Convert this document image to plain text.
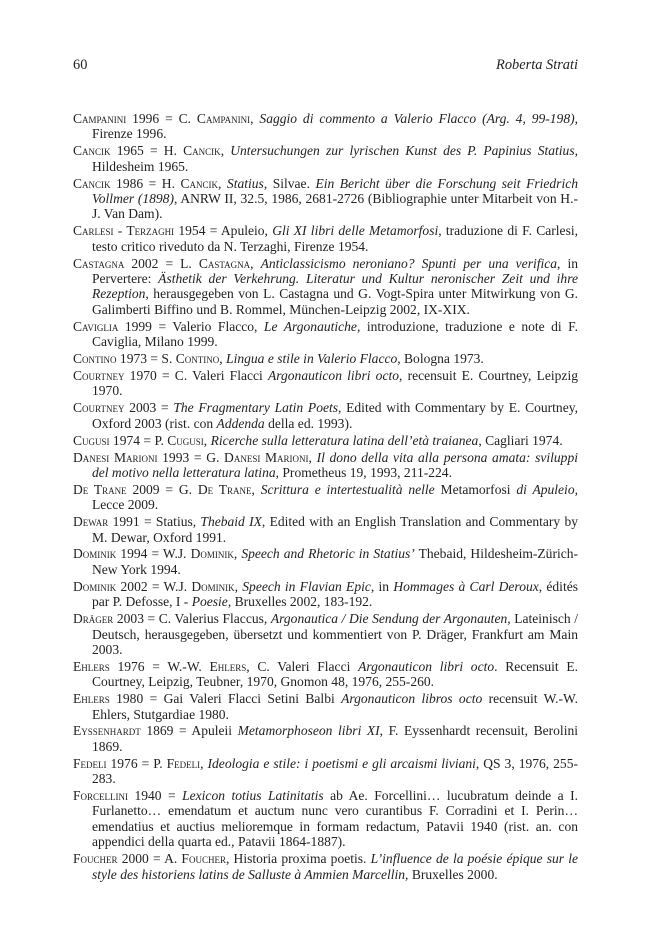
60	Roberta Strati

Campanini 1996 = C. Campanini, Saggio di commento a Valerio Flacco (Arg. 4, 99-198), Firenze 1996.

Cancik 1965 = H. Cancik, Untersuchungen zur lyrischen Kunst des P. Papinius Statius, Hildesheim 1965.

Cancik 1986 = H. Cancik, Statius, Silvae. Ein Bericht über die Forschung seit Friedrich Vollmer (1898), ANRW II, 32.5, 1986, 2681-2726 (Bibliographie unter Mitarbeit von H.-J. Van Dam).

Carlesi - Terzaghi 1954 = Apuleio, Gli XI libri delle Metamorfosi, traduzione di F. Carlesi, testo critico riveduto da N. Terzaghi, Firenze 1954.

Castagna 2002 = L. Castagna, Anticlassicismo neroniano? Spunti per una verifica, in Pervertere: Ästhetik der Verkehrung. Literatur und Kultur neronischer Zeit und ihre Rezeption, herausgegeben von L. Castagna und G. Vogt-Spira unter Mitwirkung von G. Galimberti Biffino und B. Rommel, München-Leipzig 2002, IX-XIX.

Caviglia 1999 = Valerio Flacco, Le Argonautiche, introduzione, traduzione e note di F. Caviglia, Milano 1999.

Contino 1973 = S. Contino, Lingua e stile in Valerio Flacco, Bologna 1973.

Courtney 1970 = C. Valeri Flacci Argonauticon libri octo, recensuit E. Courtney, Leipzig 1970.

Courtney 2003 = The Fragmentary Latin Poets, Edited with Commentary by E. Courtney, Oxford 2003 (rist. con Addenda della ed. 1993).

Cugusi 1974 = P. Cugusi, Ricerche sulla letteratura latina dell’età traianea, Cagliari 1974.

Danesi Marioni 1993 = G. Danesi Marioni, Il dono della vita alla persona amata: sviluppi del motivo nella letteratura latina, Prometheus 19, 1993, 211-224.

De Trane 2009 = G. De Trane, Scrittura e intertestualità nelle Metamorfosi di Apuleio, Lecce 2009.

Dewar 1991 = Statius, Thebaid IX, Edited with an English Translation and Commentary by M. Dewar, Oxford 1991.

Dominik 1994 = W.J. Dominik, Speech and Rhetoric in Statius’ Thebaid, Hildesheim-Zürich-New York 1994.

Dominik 2002 = W.J. Dominik, Speech in Flavian Epic, in Hommages à Carl Deroux, édités par P. Defosse, I - Poesie, Bruxelles 2002, 183-192.

Dräger 2003 = C. Valerius Flaccus, Argonautica / Die Sendung der Argonauten, Lateinisch / Deutsch, herausgegeben, übersetzt und kommentiert von P. Dräger, Frankfurt am Main 2003.

Ehlers 1976 = W.-W. Ehlers, C. Valeri Flacci Argonauticon libri octo. Recensuit E. Courtney, Leipzig, Teubner, 1970, Gnomon 48, 1976, 255-260.

Ehlers 1980 = Gai Valeri Flacci Setini Balbi Argonauticon libros octo recensuit W.-W. Ehlers, Stutgardiae 1980.

Eyssenhardt 1869 = Apuleii Metamorphoseon libri XI, F. Eyssenhardt recensuit, Berolini 1869.

Fedeli 1976 = P. Fedeli, Ideologia e stile: i poetismi e gli arcaismi liviani, QS 3, 1976, 255-283.

Forcellini 1940 = Lexicon totius Latinitatis ab Ae. Forcellini… lucubratum deinde a I. Furlanetto… emendatum et auctum nunc vero curantibus F. Corradini et I. Perin… emendatius et auctius melioremque in formam redactum, Patavii 1940 (rist. an. con appendici della quarta ed., Patavii 1864-1887).

Foucher 2000 = A. Foucher, Historia proxima poetis. L’influence de la poésie épique sur le style des historiens latins de Salluste à Ammien Marcellin, Bruxelles 2000.
